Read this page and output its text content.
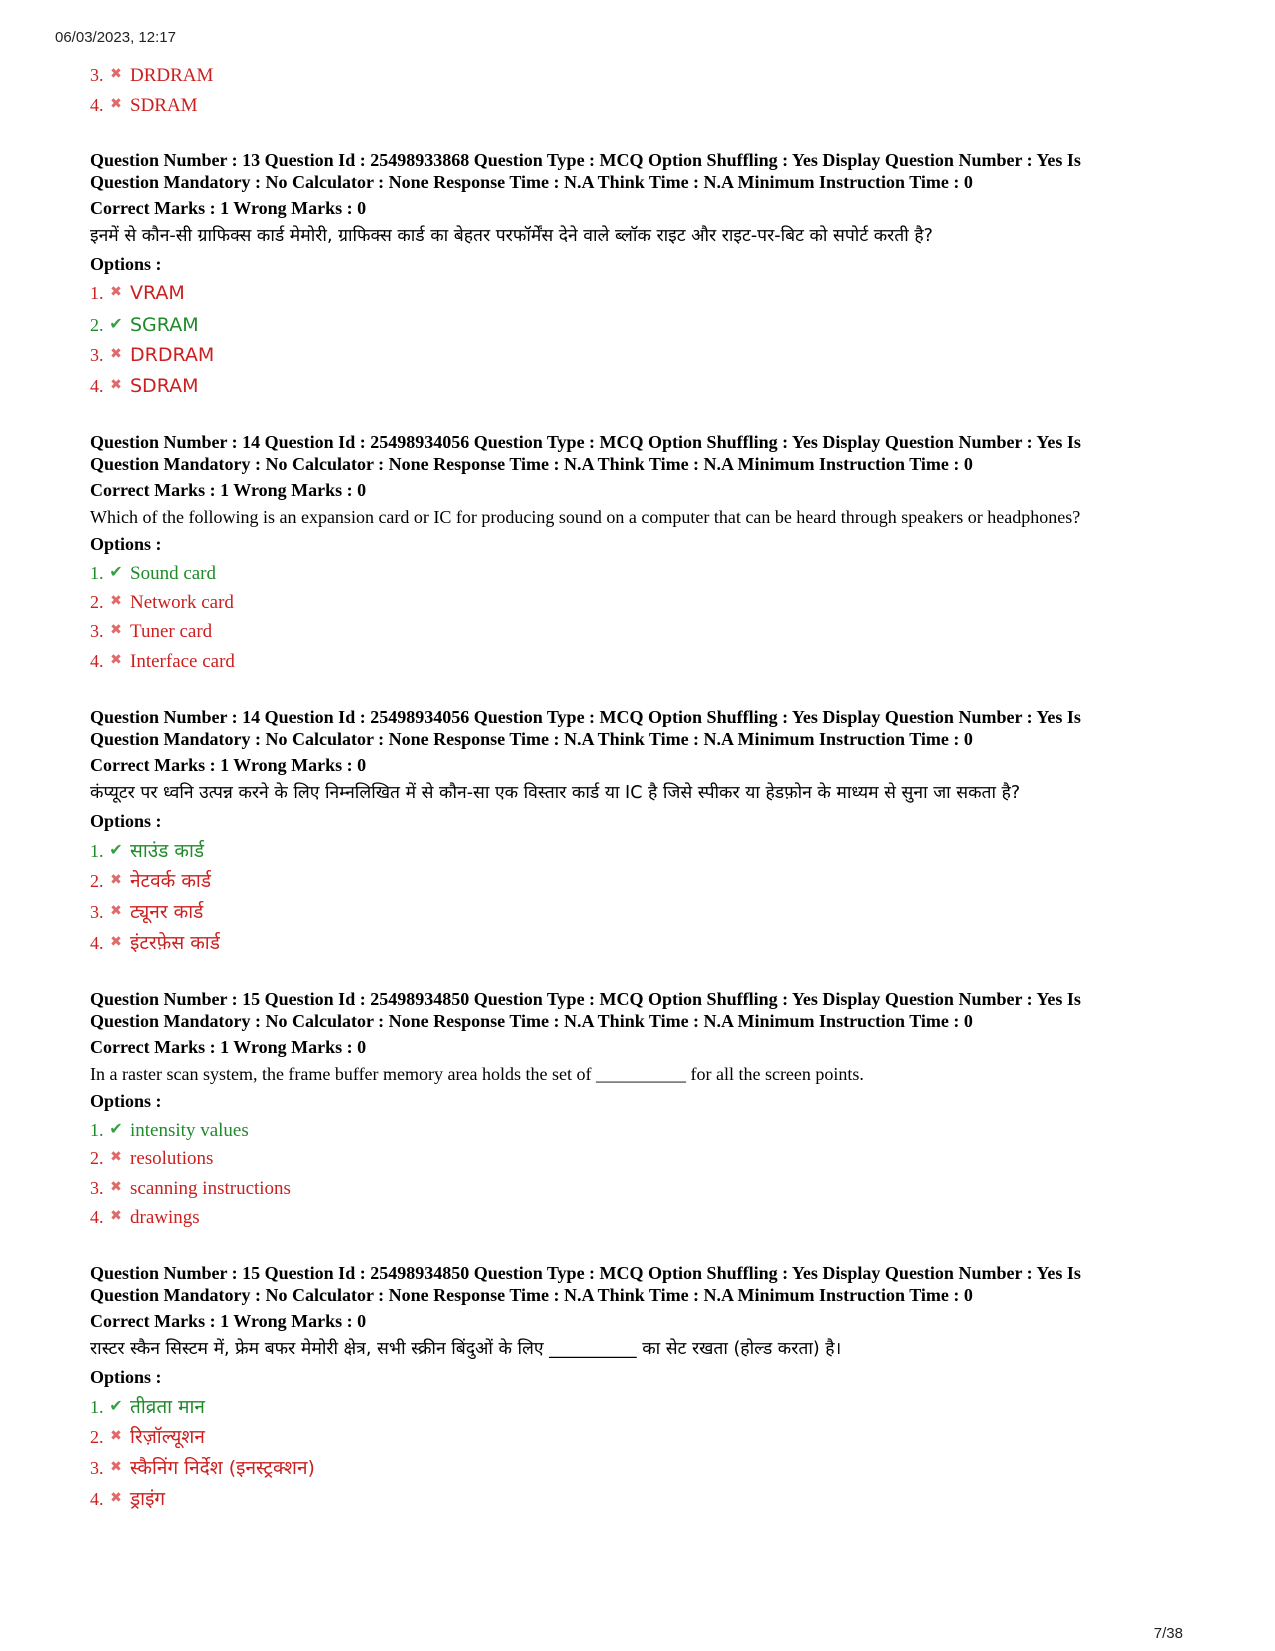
06/03/2023, 12:17
3. ✖ DRDRAM
4. ✖ SDRAM

Question Number : 13 Question Id : 25498933868 Question Type : MCQ Option Shuffling : Yes Display Question Number : Yes Is
Question Mandatory : No Calculator : None Response Time : N.A Think Time : N.A Minimum Instruction Time : 0

Correct Marks : 1 Wrong Marks : 0

इनमें से कौन-सी ग्राफिक्स कार्ड मेमोरी, ग्राफिक्स कार्ड का बेहतर परफॉर्मेंस देने वाले ब्लॉक राइट और राइट-पर-बिट को सपोर्ट करती है?

Options :

1. ✖ VRAM
2. ✔ SGRAM
3. ✖ DRDRAM
4. ✖ SDRAM

Question Number : 14 Question Id : 25498934056 Question Type : MCQ Option Shuffling : Yes Display Question Number : Yes Is
Question Mandatory : No Calculator : None Response Time : N.A Think Time : N.A Minimum Instruction Time : 0

Correct Marks : 1 Wrong Marks : 0

Which of the following is an expansion card or IC for producing sound on a computer that can be heard through speakers or headphones?

Options :

1. ✔ Sound card
2. ✖ Network card
3. ✖ Tuner card
4. ✖ Interface card

Question Number : 14 Question Id : 25498934056 Question Type : MCQ Option Shuffling : Yes Display Question Number : Yes Is
Question Mandatory : No Calculator : None Response Time : N.A Think Time : N.A Minimum Instruction Time : 0

Correct Marks : 1 Wrong Marks : 0

कंप्यूटर पर ध्वनि उत्पन्न करने के लिए निम्नलिखित में से कौन-सा एक विस्तार कार्ड या IC है जिसे स्पीकर या हेडफ़ोन के माध्यम से सुना जा सकता है?

Options :

1. ✔ साउंड कार्ड
2. ✖ नेटवर्क कार्ड
3. ✖ ट्यूनर कार्ड
4. ✖ इंटरफ़ेस कार्ड

Question Number : 15 Question Id : 25498934850 Question Type : MCQ Option Shuffling : Yes Display Question Number : Yes Is
Question Mandatory : No Calculator : None Response Time : N.A Think Time : N.A Minimum Instruction Time : 0

Correct Marks : 1 Wrong Marks : 0

In a raster scan system, the frame buffer memory area holds the set of __________ for all the screen points.

Options :

1. ✔ intensity values
2. ✖ resolutions
3. ✖ scanning instructions
4. ✖ drawings

Question Number : 15 Question Id : 25498934850 Question Type : MCQ Option Shuffling : Yes Display Question Number : Yes Is
Question Mandatory : No Calculator : None Response Time : N.A Think Time : N.A Minimum Instruction Time : 0

Correct Marks : 1 Wrong Marks : 0

रास्टर स्कैन सिस्टम में, फ्रेम बफर मेमोरी क्षेत्र, सभी स्क्रीन बिंदुओं के लिए __________ का सेट रखता (होल्ड करता) है।

Options :

1. ✔ तीव्रता मान
2. ✖ रिज़ॉल्यूशन
3. ✖ स्कैनिंग निर्देश (इनस्ट्रक्शन)
4. ✖ ड्राइंग
7/38
